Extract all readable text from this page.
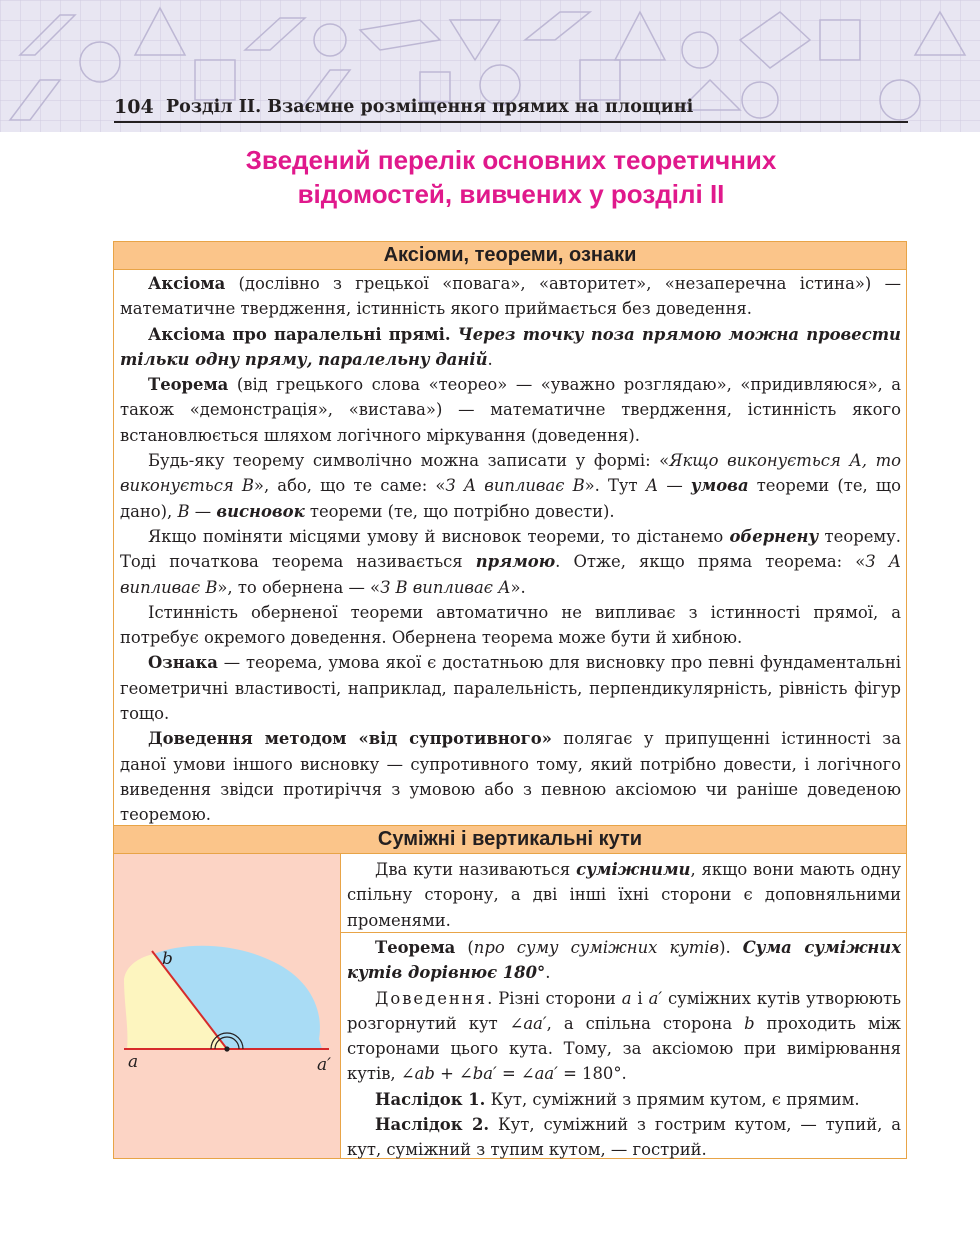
104 Розділ ІІ. Взаємне розміщення прямих на площині
Зведений перелік основних теоретичних
відомостей, вивчених у розділі ІІ
Аксіоми, теореми, ознаки

Аксіома (дослівно з грецької «повага», «авторитет», «незаперечна істина») — математичне твердження, істинність якого приймається без доведення.

Аксіома про паралельні прямі. Через точку поза прямою можна провести тільки одну пряму, паралельну даній.

Теорема (від грецького слова «теорео» — «уважно розглядаю», «придивляюся», а також «демонстрація», «вистава») — математичне твердження, істинність якого встановлюється шляхом логічного міркування (доведення).

Будь-яку теорему символічно можна записати у формі: «Якщо виконується А, то виконується В», або, що те саме: «З А випливає В». Тут А — умова теореми (те, що дано), В — висновок теореми (те, що потрібно довести).

Якщо поміняти місцями умову й висновок теореми, то дістанемо обернену теорему. Тоді початкова теорема називається прямою. Отже, якщо пряма теорема: «З А випливає В», то обернена — «З В випливає А».

Істинність оберненої теореми автоматично не випливає з істинності прямої, а потребує окремого доведення. Обернена теорема може бути й хибною.

Ознака — теорема, умова якої є достатньою для висновку про певні фундаментальні геометричні властивості, наприклад, паралельність, перпендикулярність, рівність фігур тощо.

Доведення методом «від супротивного» полягає у припущенні істинності за даної умови іншого висновку — супротивного тому, який потрібно довести, і логічного виведення звідси протиріччя з умовою або з певною аксіомою чи раніше доведеною теоремою.

Суміжні і вертикальні кути
b
a	a′

Два кути називаються суміжними, якщо вони мають одну спільну сторону, а дві інші їхні сторони є доповняльними променями.

Теорема (про суму суміжних кутів). Сума суміжних кутів дорівнює 180°.

Доведення. Різні сторони a і a′ суміжних кутів утворюють розгорнутий кут ∠aa′, а спільна сторона b проходить між сторонами цього кута. Тому, за аксіомою при вимірювання кутів, ∠ab + ∠ba′ = ∠aa′ = 180°.

Наслідок 1. Кут, суміжний з прямим кутом, є прямим.

Наслідок 2. Кут, суміжний з гострим кутом, — тупий, а кут, суміжний з тупим кутом, — гострий.
